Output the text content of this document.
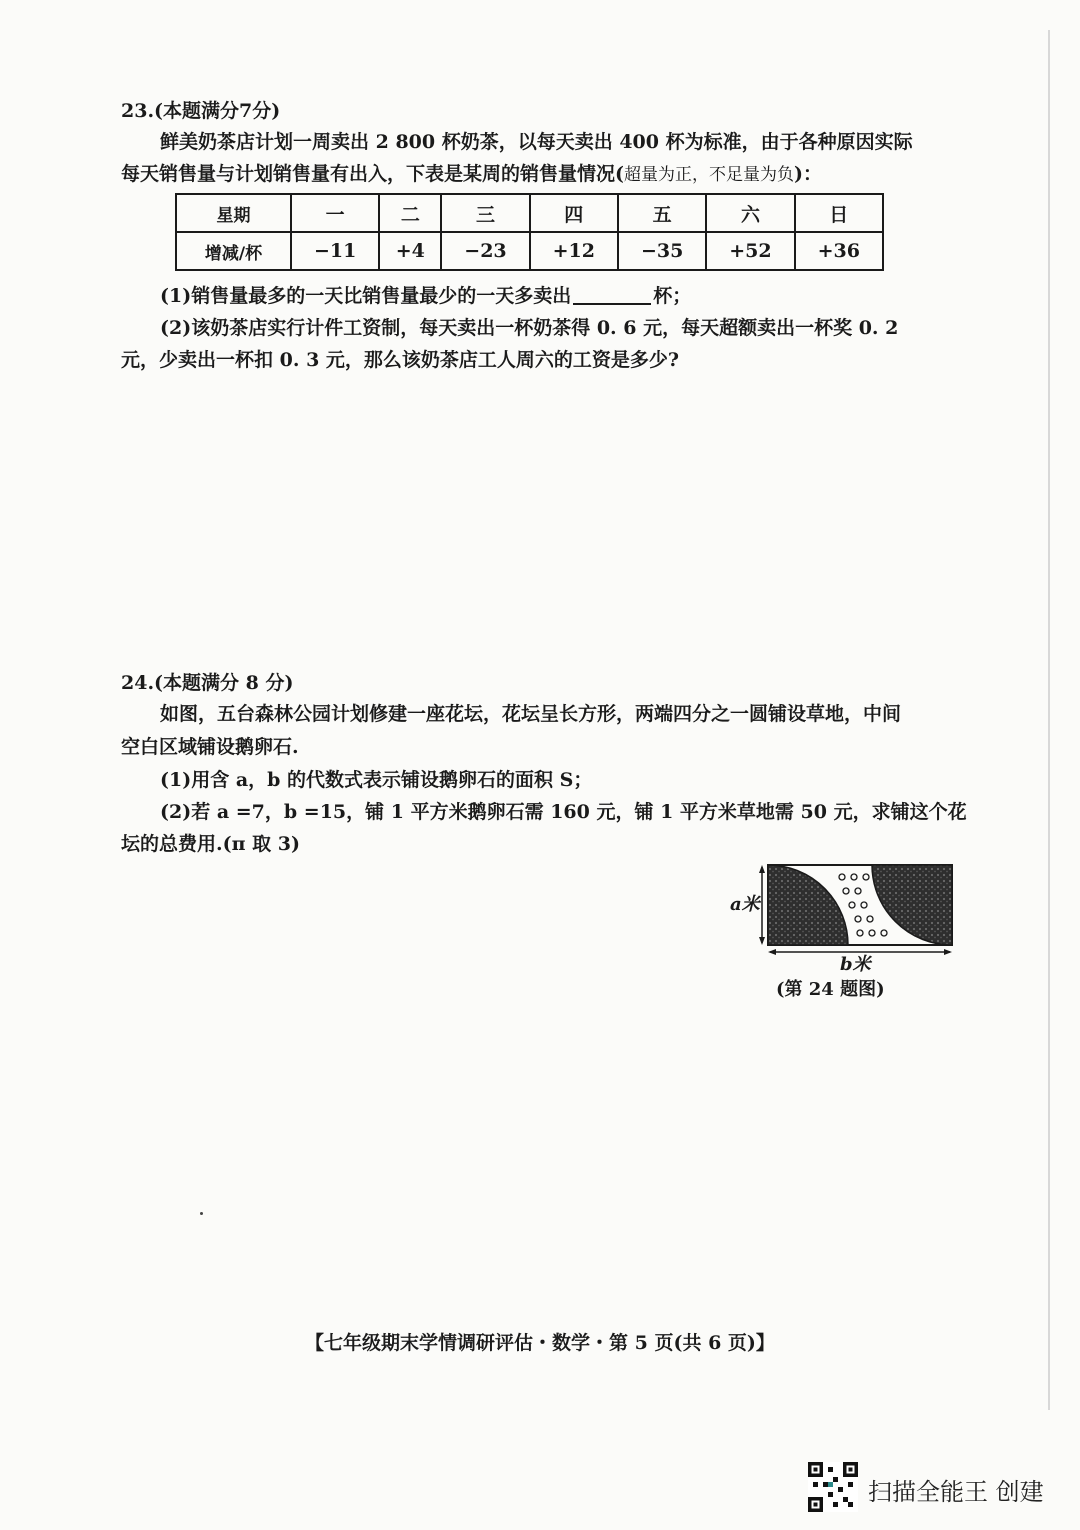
23.(本题满分7分)
鲜美奶茶店计划一周卖出 2 800 杯奶茶，以每天卖出 400 杯为标准，由于各种原因实际
每天销售量与计划销售量有出入，下表是某周的销售量情况(超量为正，不足量为负)：
星期	一	二	三	四	五	六	日
增减/杯	−11	+4	−23	+12	−35	+52	+36
(1)销售量最多的一天比销售量最少的一天多卖出	杯；
(2)该奶茶店实行计件工资制，每天卖出一杯奶茶得 0. 6 元，每天超额卖出一杯奖 0. 2
元，少卖出一杯扣 0. 3 元，那么该奶茶店工人周六的工资是多少?
24.(本题满分 8 分)
如图，五台森林公园计划修建一座花坛，花坛呈长方形，两端四分之一圆铺设草地，中间
空白区域铺设鹅卵石.
(1)用含 a，b 的代数式表示铺设鹅卵石的面积 S；
(2)若 a =7，b =15，铺 1 平方米鹅卵石需 160 元，铺 1 平方米草地需 50 元，求铺这个花
坛的总费用.(π 取 3)
a米
b米
(第 24 题图)
【七年级期末学情调研评估・数学・第 5 页(共 6 页)】
扫描全能王 创建
